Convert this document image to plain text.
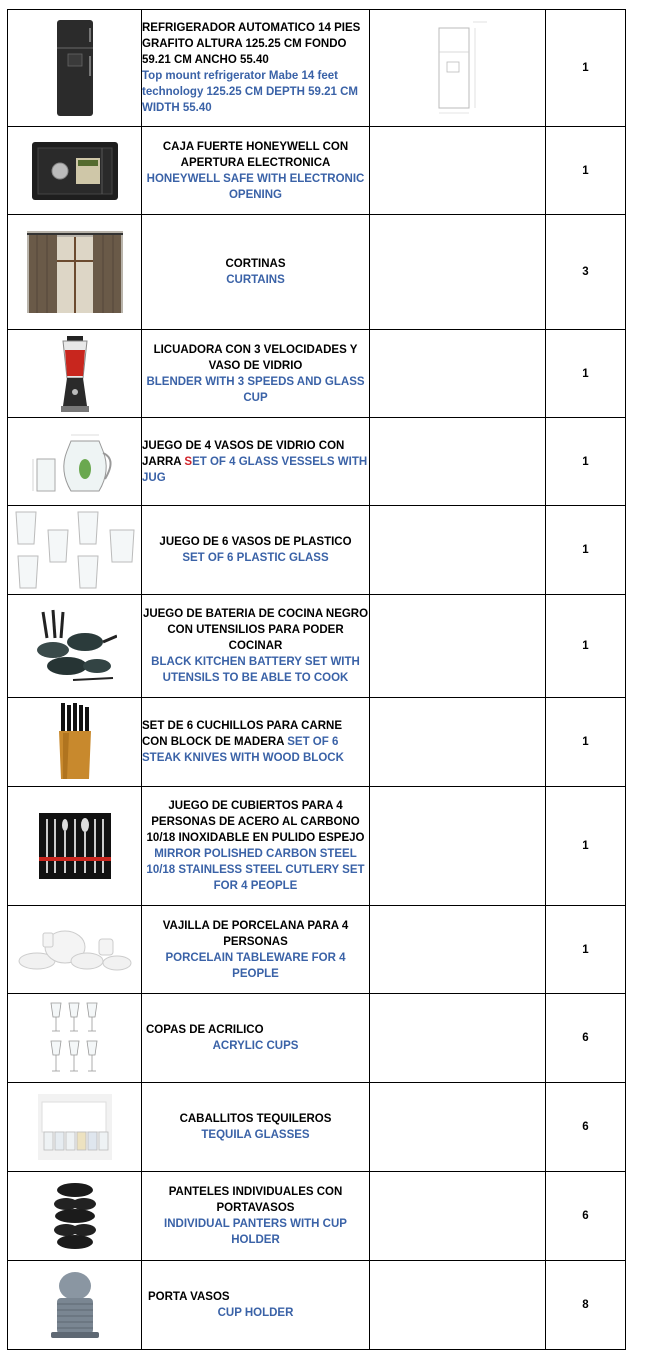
REFRIGERADOR AUTOMATICO 14 PIES GRAFITO ALTURA 125.25 CM FONDO 59.21 CM ANCHO 55.40
Top mount refrigerator Mabe 14 feet technology 125.25 CM DEPTH 59.21 CM WIDTH 55.40		1

CAJA FUERTE HONEYWELL CON APERTURA ELECTRONICA
HONEYWELL SAFE WITH ELECTRONIC OPENING		1

CORTINAS
CURTAINS		3

LICUADORA CON 3 VELOCIDADES Y VASO DE VIDRIO
BLENDER WITH 3 SPEEDS AND GLASS CUP		1

	JUEGO DE 4 VASOS DE VIDRIO CON JARRA SET OF 4 GLASS VESSELS WITH JUG		1

JUEGO DE 6 VASOS DE PLASTICO
SET OF 6 PLASTIC GLASS		1

JUEGO DE BATERIA DE COCINA NEGRO CON UTENSILIOS PARA PODER COCINAR
BLACK KITCHEN BATTERY SET WITH UTENSILS TO BE ABLE TO COOK		1

	SET DE 6 CUCHILLOS PARA CARNE CON BLOCK DE MADERA SET OF 6 STEAK KNIVES WITH WOOD BLOCK		1

JUEGO DE CUBIERTOS PARA 4 PERSONAS DE ACERO AL CARBONO 10/18 INOXIDABLE EN PULIDO ESPEJO
MIRROR POLISHED CARBON STEEL 10/18 STAINLESS STEEL CUTLERY SET FOR 4 PEOPLE		1

VAJILLA DE PORCELANA PARA 4 PERSONAS
PORCELAIN TABLEWARE FOR 4 PEOPLE		1

COPAS DE ACRILICO
ACRYLIC CUPS		6

CABALLITOS TEQUILEROS
TEQUILA GLASSES		6

PANTELES INDIVIDUALES CON PORTAVASOS
INDIVIDUAL PANTERS WITH CUP HOLDER		6

PORTA VASOS
CUP HOLDER		8
